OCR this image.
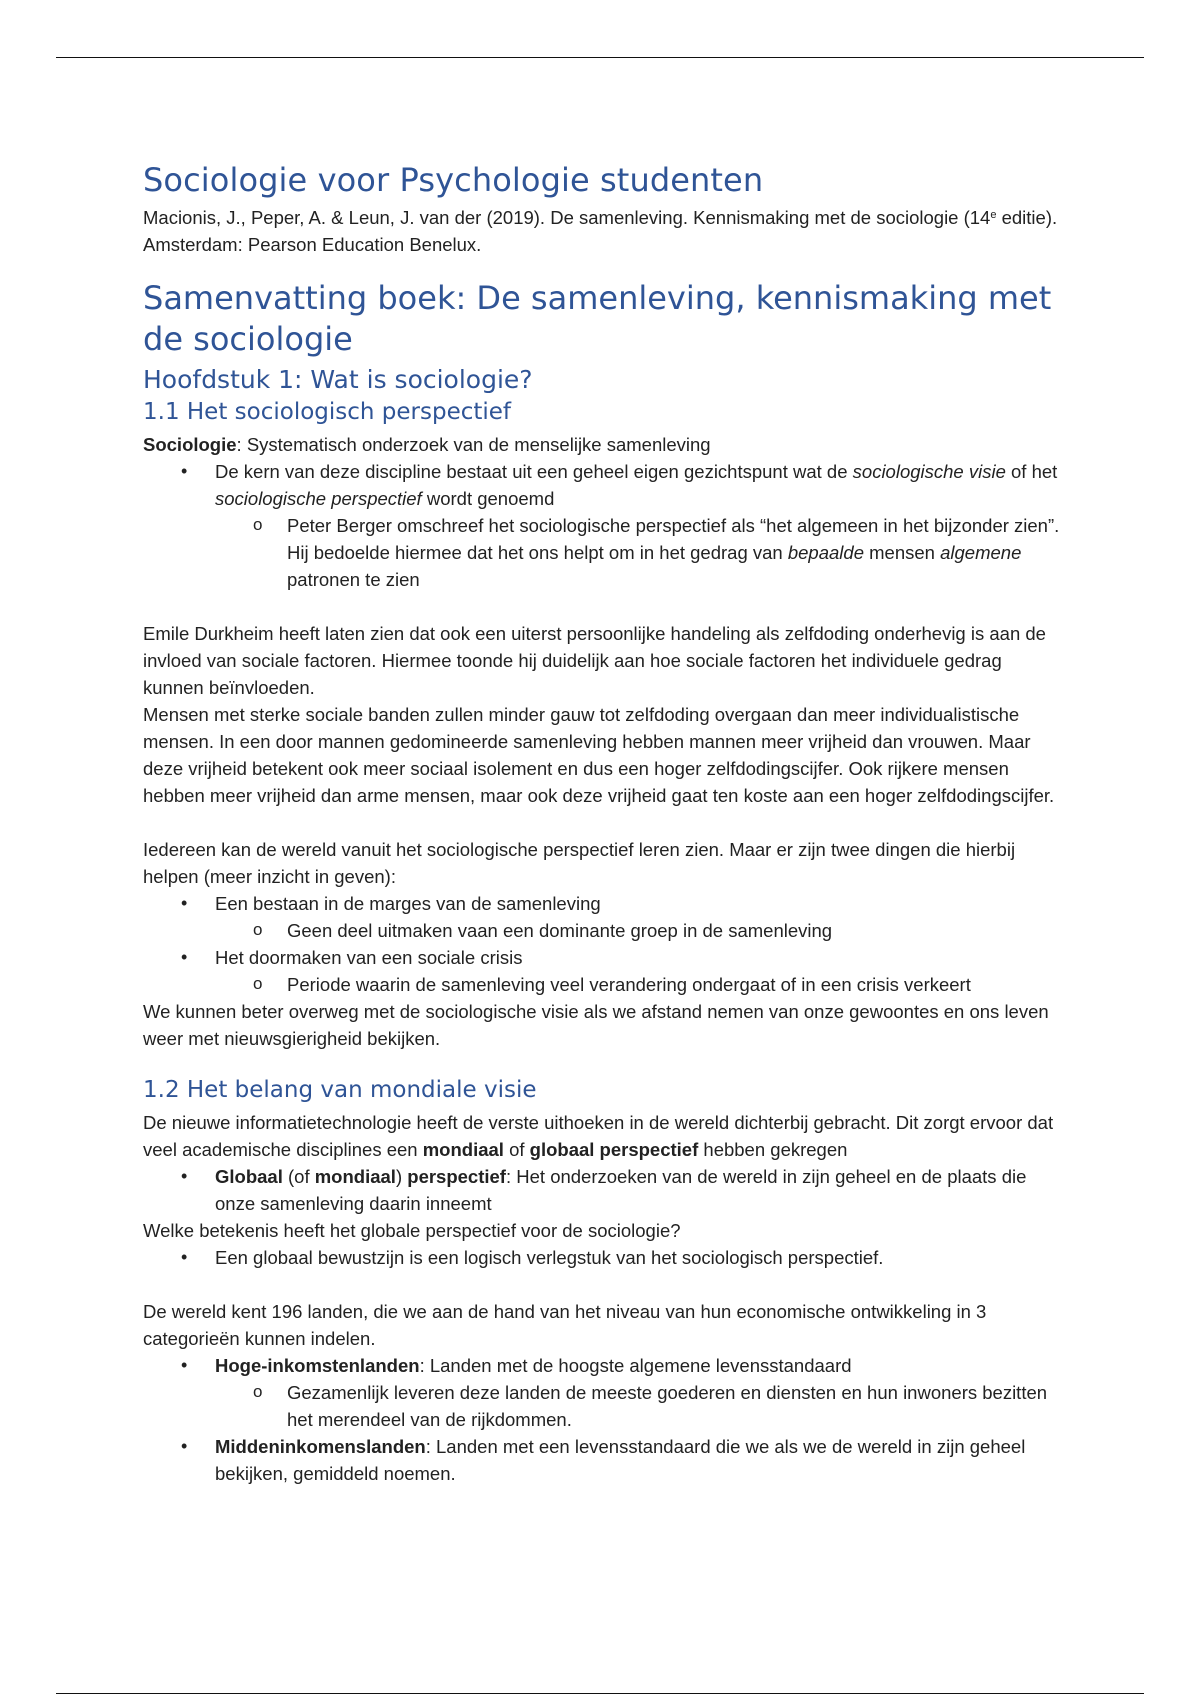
Sociologie voor Psychologie studenten

Macionis, J., Peper, A. & Leun, J. van der (2019). De samenleving. Kennismaking met de sociologie (14e editie). Amsterdam: Pearson Education Benelux.

Samenvatting boek: De samenleving, kennismaking met de sociologie
Hoofdstuk 1: Wat is sociologie?
1.1 Het sociologisch perspectief

Sociologie: Systematisch onderzoek van de menselijke samenleving

• De kern van deze discipline bestaat uit een geheel eigen gezichtspunt wat de sociologische visie of het sociologische perspectief wordt genoemd
o Peter Berger omschreef het sociologische perspectief als “het algemeen in het bijzonder zien”. Hij bedoelde hiermee dat het ons helpt om in het gedrag van bepaalde mensen algemene patronen te zien

Emile Durkheim heeft laten zien dat ook een uiterst persoonlijke handeling als zelfdoding onderhevig is aan de invloed van sociale factoren. Hiermee toonde hij duidelijk aan hoe sociale factoren het individuele gedrag kunnen beïnvloeden.

Mensen met sterke sociale banden zullen minder gauw tot zelfdoding overgaan dan meer individualistische mensen. In een door mannen gedomineerde samenleving hebben mannen meer vrijheid dan vrouwen. Maar deze vrijheid betekent ook meer sociaal isolement en dus een hoger zelfdodingscijfer. Ook rijkere mensen hebben meer vrijheid dan arme mensen, maar ook deze vrijheid gaat ten koste aan een hoger zelfdodingscijfer.

Iedereen kan de wereld vanuit het sociologische perspectief leren zien. Maar er zijn twee dingen die hierbij helpen (meer inzicht in geven):

• Een bestaan in de marges van de samenleving
o Geen deel uitmaken vaan een dominante groep in de samenleving
• Het doormaken van een sociale crisis
o Periode waarin de samenleving veel verandering ondergaat of in een crisis verkeert

We kunnen beter overweg met de sociologische visie als we afstand nemen van onze gewoontes en ons leven weer met nieuwsgierigheid bekijken.

1.2 Het belang van mondiale visie

De nieuwe informatietechnologie heeft de verste uithoeken in de wereld dichterbij gebracht. Dit zorgt ervoor dat veel academische disciplines een mondiaal of globaal perspectief hebben gekregen

• Globaal (of mondiaal) perspectief: Het onderzoeken van de wereld in zijn geheel en de plaats die onze samenleving daarin inneemt

Welke betekenis heeft het globale perspectief voor de sociologie?

• Een globaal bewustzijn is een logisch verlegstuk van het sociologisch perspectief.

De wereld kent 196 landen, die we aan de hand van het niveau van hun economische ontwikkeling in 3 categorieën kunnen indelen.

• Hoge-inkomstenlanden: Landen met de hoogste algemene levensstandaard
o Gezamenlijk leveren deze landen de meeste goederen en diensten en hun inwoners bezitten het merendeel van de rijkdommen.
• Middeninkomenslanden: Landen met een levensstandaard die we als we de wereld in zijn geheel bekijken, gemiddeld noemen.
